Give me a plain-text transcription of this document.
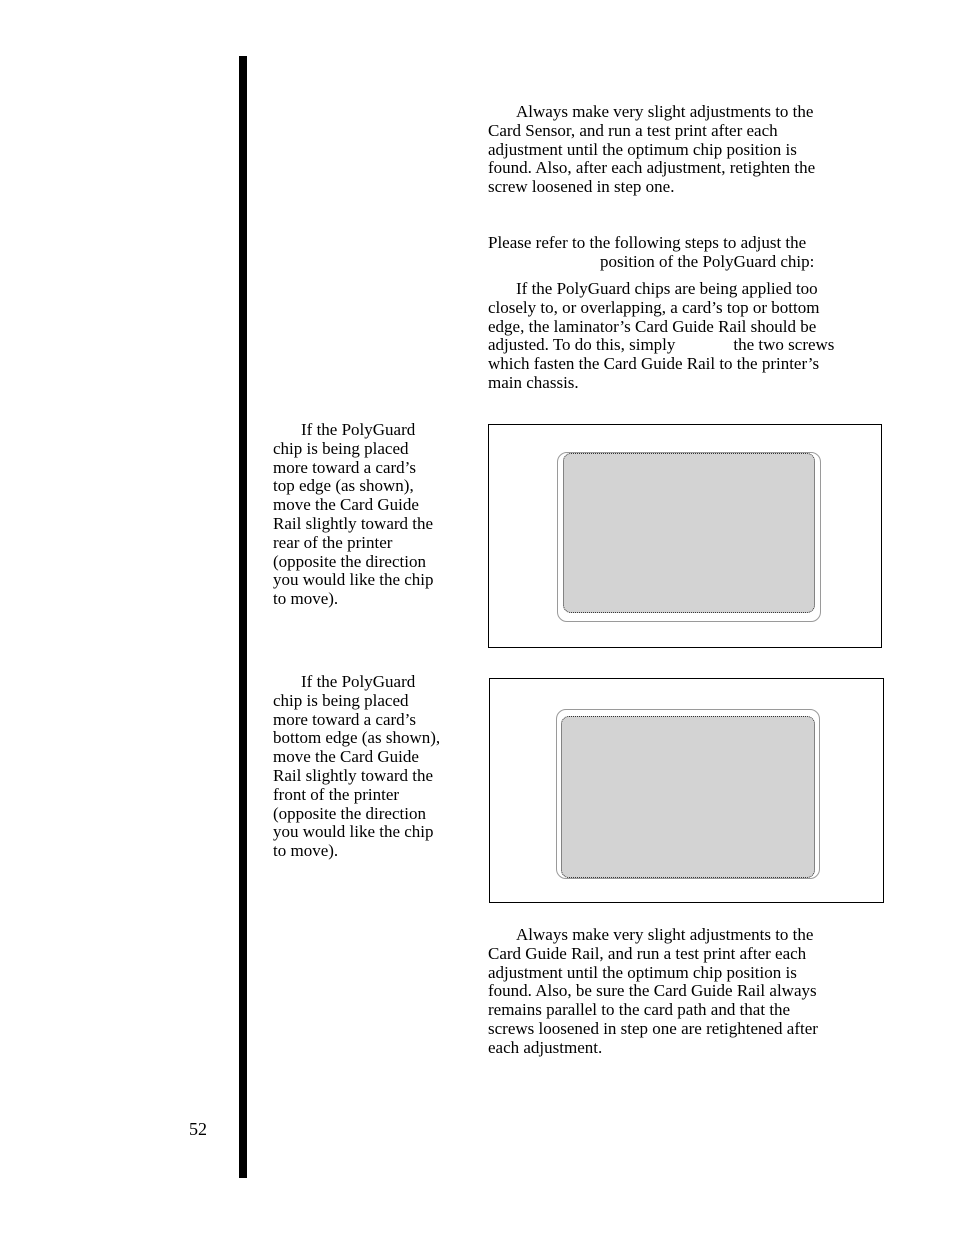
Always make very slight adjustments to the
Card Sensor, and run a test print after each
adjustment until the optimum chip position is
found. Also, after each adjustment, retighten the
screw loosened in step one.

Please refer to the following steps to adjust the
position of the PolyGuard chip:

If the PolyGuard chips are being applied too
closely to, or overlapping, a card’s top or bottom
edge, the laminator’s Card Guide Rail should be
adjusted. To do this, simply	the two screws
which fasten the Card Guide Rail to the printer’s
main chassis.

If the PolyGuard
chip is being placed
more toward a card’s
top edge (as shown),
move the Card Guide
Rail slightly toward the
rear of the printer
(opposite the direction
you would like the chip
to move).

If the PolyGuard
chip is being placed
more toward a card’s
bottom edge (as shown),
move the Card Guide
Rail slightly toward the
front of the printer
(opposite the direction
you would like the chip
to move).

Always make very slight adjustments to the
Card Guide Rail, and run a test print after each
adjustment until the optimum chip position is
found. Also, be sure the Card Guide Rail always
remains parallel to the card path and that the
screws loosened in step one are retightened after
each adjustment.

52
